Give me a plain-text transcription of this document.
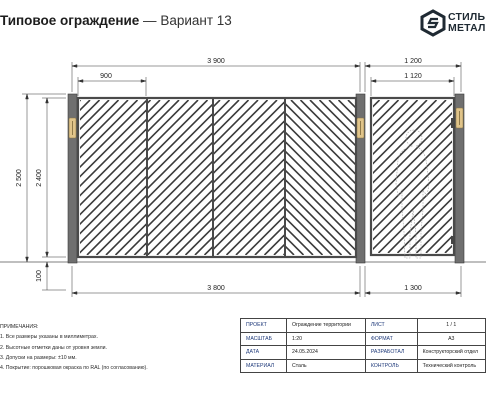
3 900
900
1 200
1 120
3 800	1 300
2 500 2 400
100
Типовое ограждение — Вариант 13	СТИЛЬ
МЕТАЛ
ПРИМЕЧАНИЯ:
1. Все размеры указаны в миллиметрах.
2. Высотные отметки даны от уровня земли.
3. Допуски на размеры: ±10 мм.
4. Покрытие: порошковая окраска по RAL (по согласованию).
ПРОЕКТ	Ограждение территории	ЛИСТ	1 / 1
МАСШТАБ	1:20	ФОРМАТ	A3
ДАТА	24.05.2024	РАЗРАБОТАЛ	Конструкторский отдел
МАТЕРИАЛ	Сталь	КОНТРОЛЬ	Технический контроль
